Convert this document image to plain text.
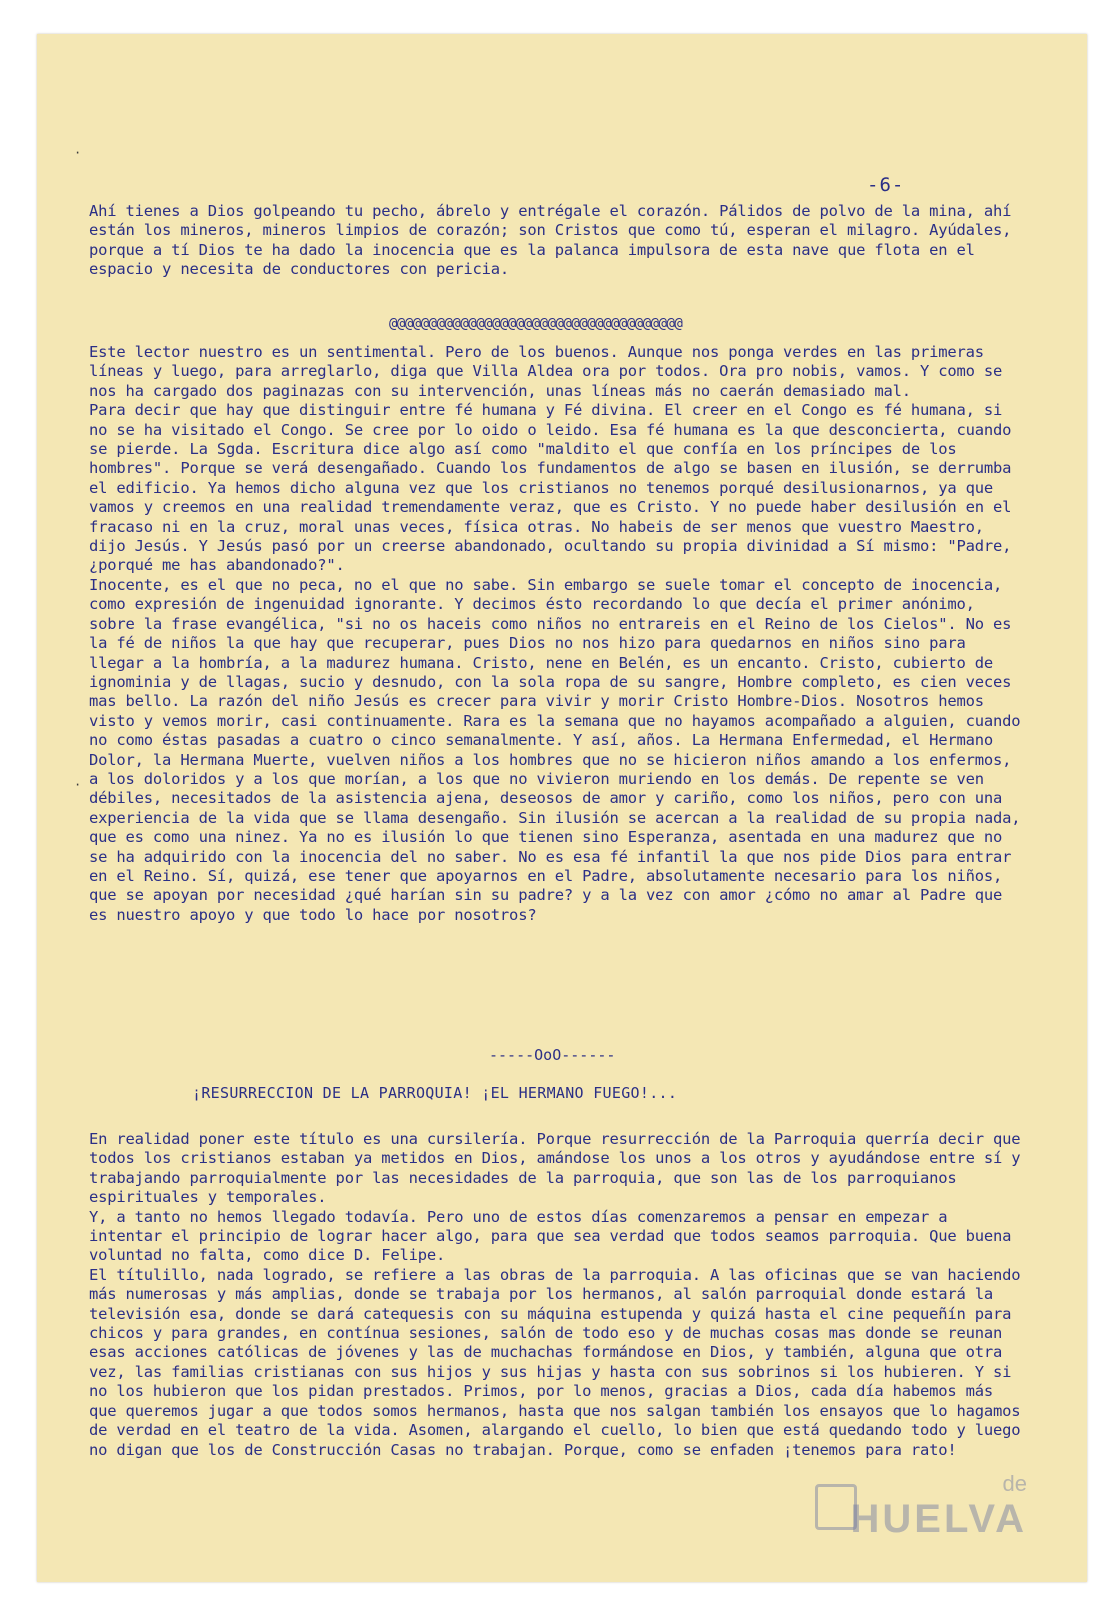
·
·
-6-

Ahí tienes a Dios golpeando tu pecho, ábrelo y entrégale el corazón. Pálidos de polvo de la mina, ahí están los mineros, mineros limpios de corazón; son Cristos que como tú, esperan el milagro. Ayúdales, porque a tí Dios te ha dado la inocencia que es la palanca impulsora de esta nave que flota en el espacio y necesita de conductores con pericia.

@@@@@@@@@@@@@@@@@@@@@@@@@@@@@@@@@@@@@

Este lector nuestro es un sentimental. Pero de los buenos. Aunque nos ponga verdes en las primeras líneas y luego, para arreglarlo, diga que Villa Aldea ora por todos. Ora pro nobis, vamos. Y como se nos ha cargado dos paginazas con su intervención, unas líneas más no caerán demasiado mal.

Para decir que hay que distinguir entre fé humana y Fé divina. El creer en el Congo es fé humana, si no se ha visitado el Congo. Se cree por lo oido o leido. Esa fé humana es la que desconcierta, cuando se pierde. La Sgda. Escritura dice algo así como "maldito el que confía en los príncipes de los hombres". Porque se verá desengañado. Cuando los fundamentos de algo se basen en ilusión, se derrumba el edificio. Ya hemos dicho alguna vez que los cristianos no tenemos porqué desilusionarnos, ya que vamos y creemos en una realidad tremendamente veraz, que es Cristo. Y no puede haber desilusión en el fracaso ni en la cruz, moral unas veces, física otras. No habeis de ser menos que vuestro Maestro, dijo Jesús. Y Jesús pasó por un creerse abandonado, ocultando su propia divinidad a Sí mismo: "Padre, ¿porqué me has abandonado?".

Inocente, es el que no peca, no el que no sabe. Sin embargo se suele tomar el concepto de inocencia, como expresión de ingenuidad ignorante. Y decimos ésto recordando lo que decía el primer anónimo, sobre la frase evangélica, "si no os haceis como niños no entrareis en el Reino de los Cielos". No es la fé de niños la que hay que recuperar, pues Dios no nos hizo para quedarnos en niños sino para llegar a la hombría, a la madurez humana. Cristo, nene en Belén, es un encanto. Cristo, cubierto de ignominia y de llagas, sucio y desnudo, con la sola ropa de su sangre, Hombre completo, es cien veces mas bello. La razón del niño Jesús es crecer para vivir y morir Cristo Hombre-Dios. Nosotros hemos visto y vemos morir, casi continuamente. Rara es la semana que no hayamos acompañado a alguien, cuando no como éstas pasadas a cuatro o cinco semanalmente. Y así, años. La Hermana Enfermedad, el Hermano Dolor, la Hermana Muerte, vuelven niños a los hombres que no se hicieron niños amando a los enfermos, a los doloridos y a los que morían, a los que no vivieron muriendo en los demás. De repente se ven débiles, necesitados de la asistencia ajena, deseosos de amor y cariño, como los niños, pero con una experiencia de la vida que se llama desengaño. Sin ilusión se acercan a la realidad de su propia nada, que es como una ninez. Ya no es ilusión lo que tienen sino Esperanza, asentada en una madurez que no se ha adquirido con la inocencia del no saber. No es esa fé infantil la que nos pide Dios para entrar en el Reino. Sí, quizá, ese tener que apoyarnos en el Padre, absolutamente necesario para los niños, que se apoyan por necesidad ¿qué harían sin su padre? y a la vez con amor ¿cómo no amar al Padre que es nuestro apoyo y que todo lo hace por nosotros?

-----OoO------
¡RESURRECCION DE LA PARROQUIA! ¡EL HERMANO FUEGO!...

En realidad poner este título es una cursilería. Porque resurrección de la Parroquia querría decir que todos los cristianos estaban ya metidos en Dios, amándose los unos a los otros y ayudándose entre sí y trabajando parroquialmente por las necesidades de la parroquia, que son las de los parroquianos espirituales y temporales.

Y, a tanto no hemos llegado todavía. Pero uno de estos días comenzaremos a pensar en empezar a intentar el principio de lograr hacer algo, para que sea verdad que todos seamos parroquia. Que buena voluntad no falta, como dice D. Felipe.

El títulillo, nada logrado, se refiere a las obras de la parroquia. A las oficinas que se van haciendo más numerosas y más amplias, donde se trabaja por los hermanos, al salón parroquial donde estará la televisión esa, donde se dará catequesis con su máquina estupenda y quizá hasta el cine pequeñín para chicos y para grandes, en contínua sesiones, salón de todo eso y de muchas cosas mas donde se reunan esas acciones católicas de jóvenes y las de muchachas formándose en Dios, y también, alguna que otra vez, las familias cristianas con sus hijos y sus hijas y hasta con sus sobrinos si los hubieren. Y si no los hubieron que los pidan prestados. Primos, por lo menos, gracias a Dios, cada día habemos más que queremos jugar a que todos somos hermanos, hasta que nos salgan también los ensayos que lo hagamos de verdad en el teatro de la vida. Asomen, alargando el cuello, lo bien que está quedando todo y luego no digan que los de Construcción Casas no trabajan. Porque, como se enfaden ¡tenemos para rato!

de
HUELVA
